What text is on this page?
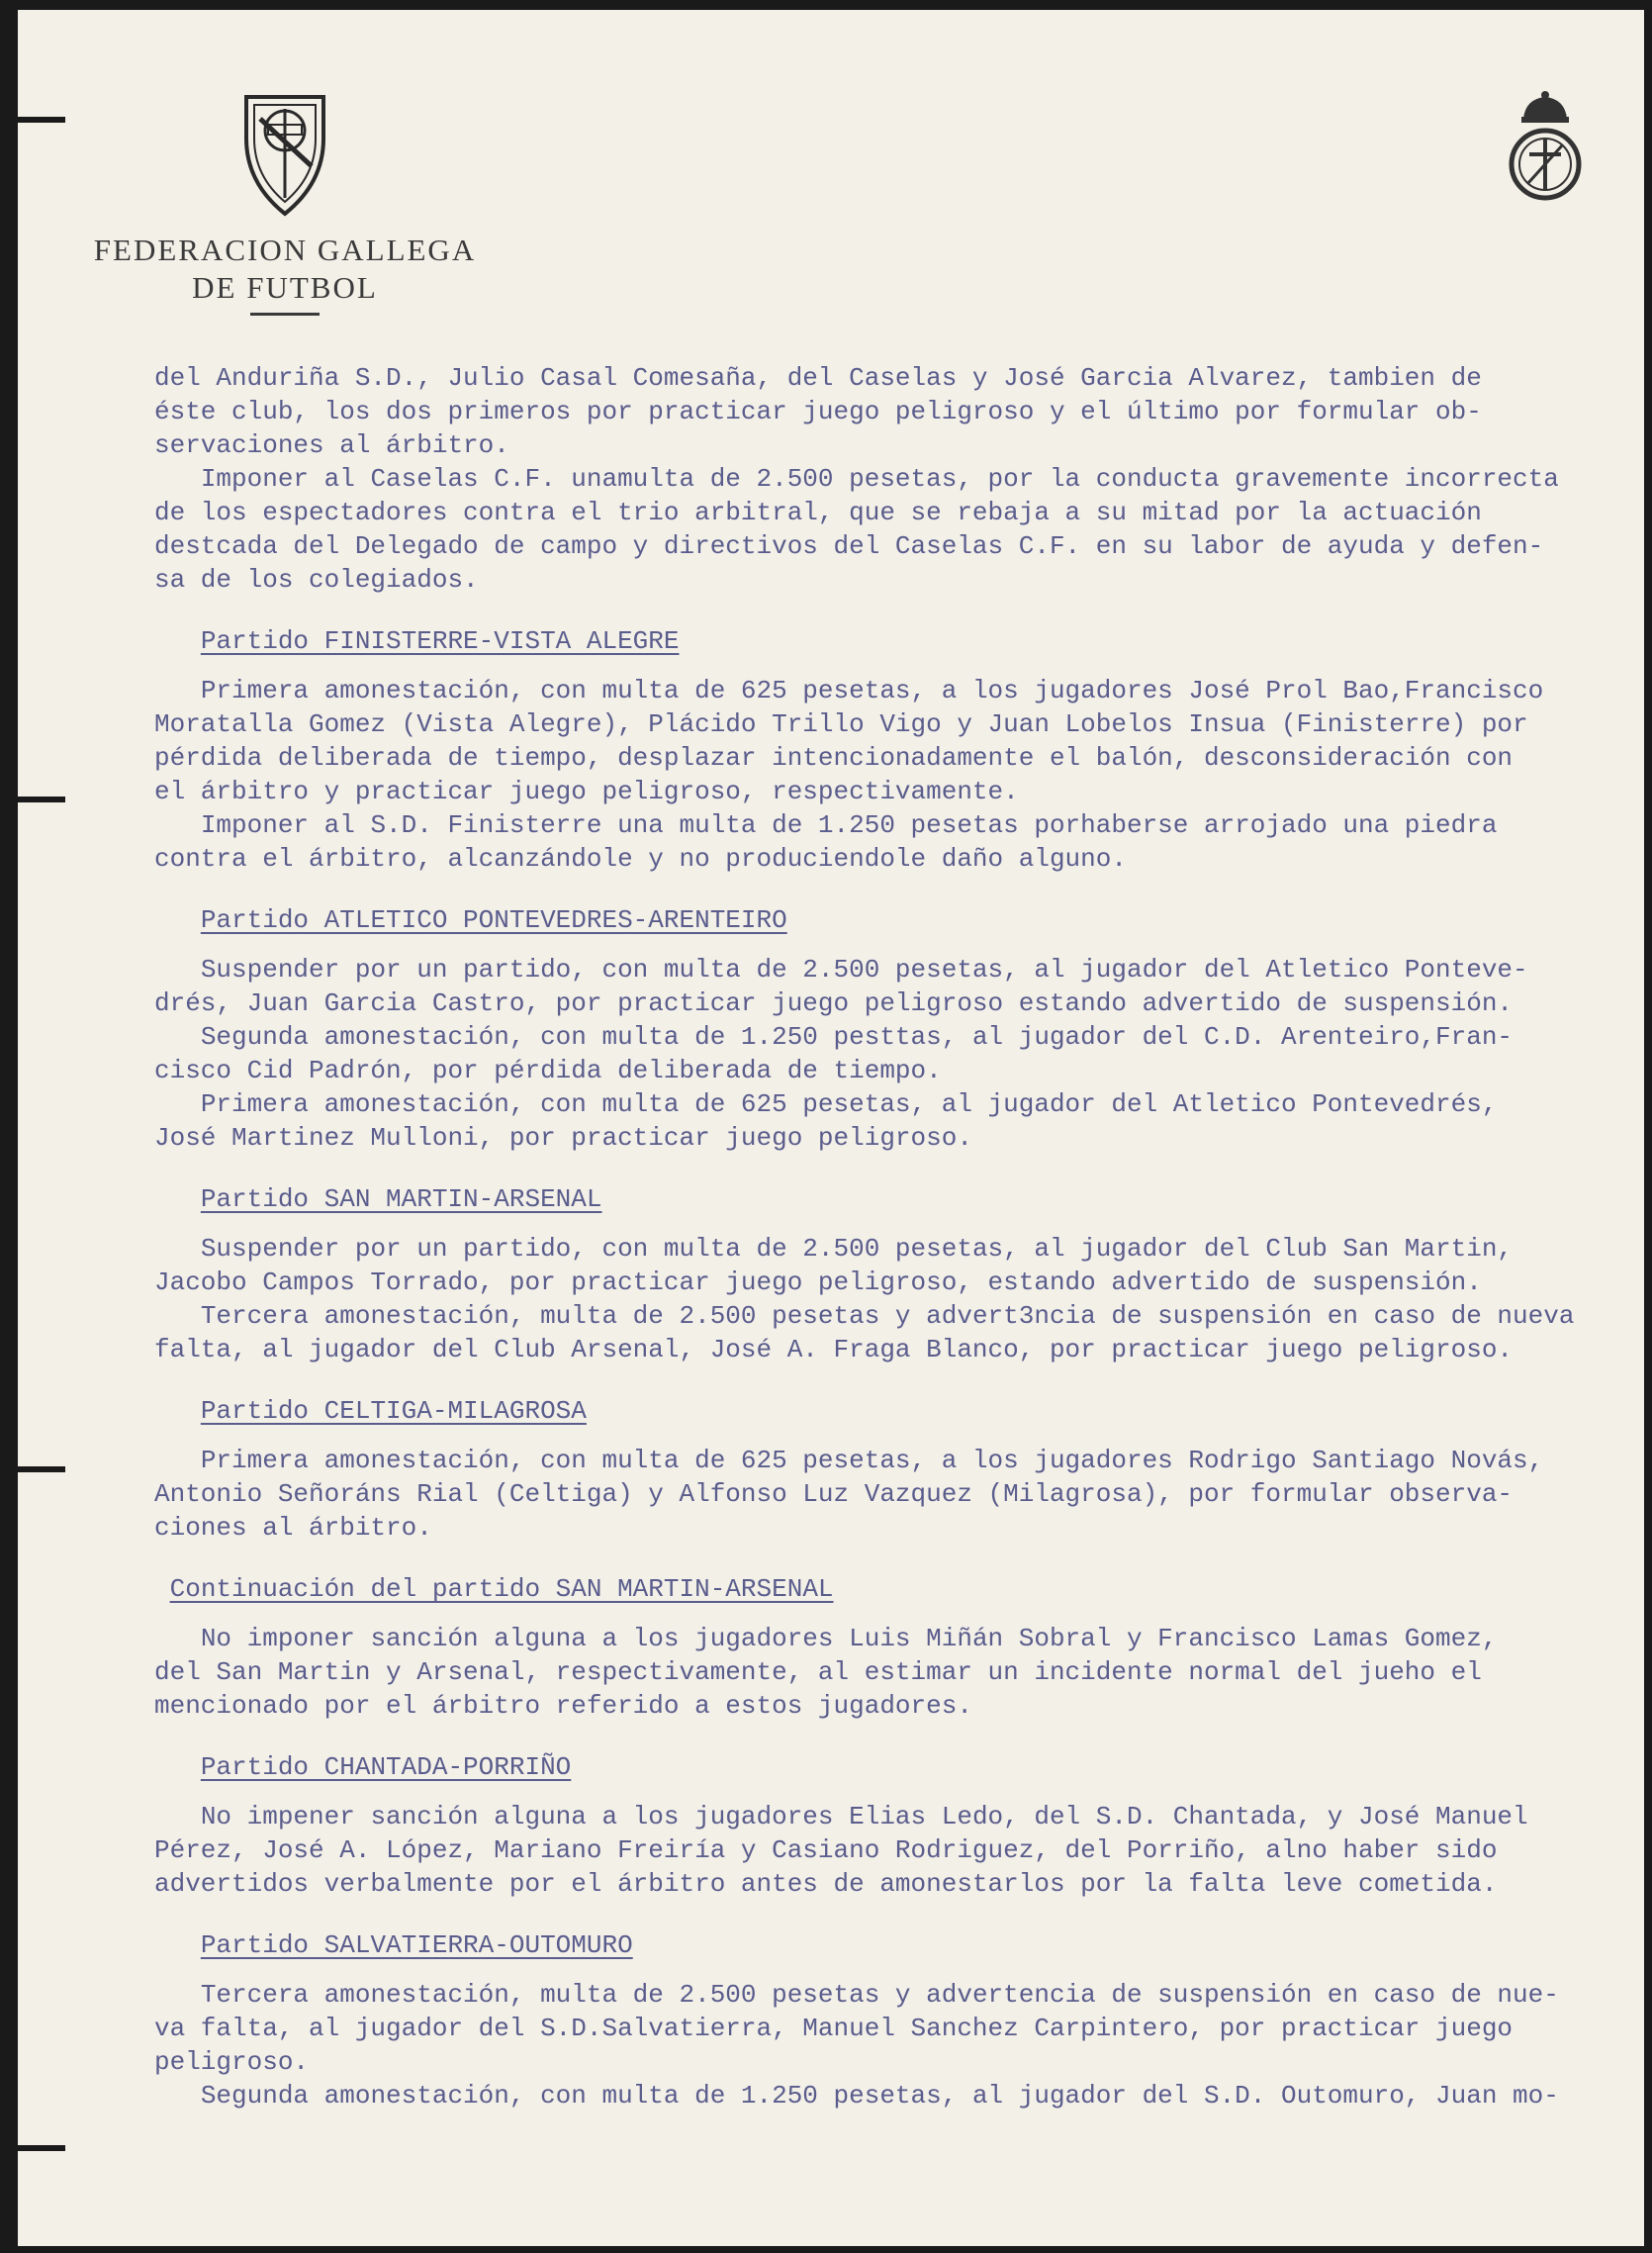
FEDERACION GALLEGA
DE FUTBOL

del Anduriña S.D., Julio Casal Comesaña, del Caselas y José Garcia Alvarez, tambien de

éste club, los dos primeros por practicar juego peligroso y el último por formular ob-

servaciones al árbitro.

Imponer al Caselas C.F. unamulta de 2.500 pesetas, por la conducta gravemente incorrecta

de los espectadores contra el trio arbitral, que se rebaja a su mitad por la actuación

destcada del Delegado de campo y directivos del Caselas C.F. en su labor de ayuda y defen-

sa de los colegiados.

Partido FINISTERRE-VISTA ALEGRE

Primera amonestación, con multa de 625 pesetas, a los jugadores José Prol Bao,Francisco

Moratalla Gomez (Vista Alegre), Plácido Trillo Vigo y Juan Lobelos Insua (Finisterre) por

pérdida deliberada de tiempo, desplazar intencionadamente el balón, desconsideración con

el árbitro y practicar juego peligroso, respectivamente.

Imponer al S.D. Finisterre una multa de 1.250 pesetas porhaberse arrojado una piedra

contra el árbitro, alcanzándole y no produciendole daño alguno.

Partido ATLETICO PONTEVEDRES-ARENTEIRO

Suspender por un partido, con multa de 2.500 pesetas, al jugador del Atletico Ponteve-

drés, Juan Garcia Castro, por practicar juego peligroso estando advertido de suspensión.

Segunda amonestación, con multa de 1.250 pesttas, al jugador del C.D. Arenteiro,Fran-

cisco Cid Padrón, por pérdida deliberada de tiempo.

Primera amonestación, con multa de 625 pesetas, al jugador del Atletico Pontevedrés,

José Martinez Mulloni, por practicar juego peligroso.

Partido SAN MARTIN-ARSENAL

Suspender por un partido, con multa de 2.500 pesetas, al jugador del Club San Martin,

Jacobo Campos Torrado, por practicar juego peligroso, estando advertido de suspensión.

Tercera amonestación, multa de 2.500 pesetas y advert3ncia de suspensión en caso de nueva

falta, al jugador del Club Arsenal, José A. Fraga Blanco, por practicar juego peligroso.

Partido CELTIGA-MILAGROSA

Primera amonestación, con multa de 625 pesetas, a los jugadores Rodrigo Santiago Novás,

Antonio Señoráns Rial (Celtiga) y Alfonso Luz Vazquez (Milagrosa), por formular observa-

ciones al árbitro.

Continuación del partido SAN MARTIN-ARSENAL

No imponer sanción alguna a los jugadores Luis Miñán Sobral y Francisco Lamas Gomez,

del San Martin y Arsenal, respectivamente, al estimar un incidente normal del jueho el

mencionado por el árbitro referido a estos jugadores.

Partido CHANTADA-PORRIÑO

No impener sanción alguna a los jugadores Elias Ledo, del S.D. Chantada, y José Manuel

Pérez, José A. López, Mariano Freiría y Casiano Rodriguez, del Porriño, alno haber sido

advertidos verbalmente por el árbitro antes de amonestarlos por la falta leve cometida.

Partido SALVATIERRA-OUTOMURO

Tercera amonestación, multa de 2.500 pesetas y advertencia de suspensión en caso de nue-

va falta, al jugador del S.D.Salvatierra, Manuel Sanchez Carpintero, por practicar juego

peligroso.

Segunda amonestación, con multa de 1.250 pesetas, al jugador del S.D. Outomuro, Juan mo-
